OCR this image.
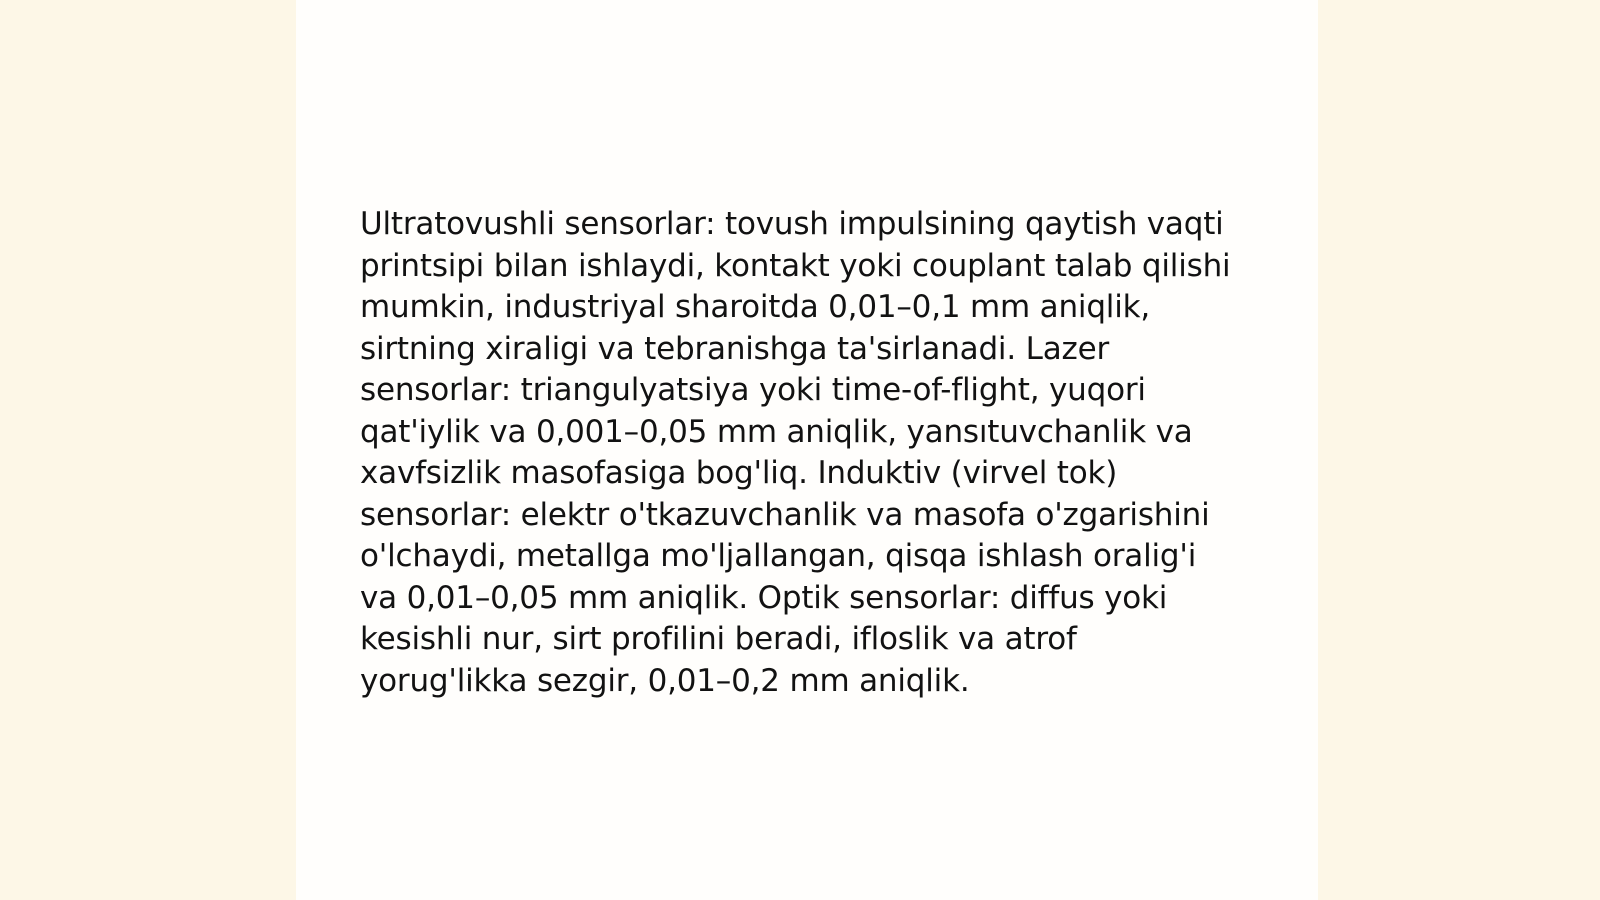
Ultratovushli sensorlar: tovush impulsining qaytish vaqti printsipi bilan ishlaydi, kontakt yoki couplant talab qilishi mumkin, industriyal sharoitda 0,01–0,1 mm aniqlik, sirtning xiraligi va tebranishga ta'sirlanadi. Lazer sensorlar: triangulyatsiya yoki time-of-flight, yuqori qat'iylik va 0,001–0,05 mm aniqlik, yansıtuvchanlik va xavfsizlik masofasiga bog'liq. Induktiv (virvel tok) sensorlar: elektr o'tkazuvchanlik va masofa o'zgarishini o'lchaydi, metallga mo'ljallangan, qisqa ishlash oralig'i va 0,01–0,05 mm aniqlik. Optik sensorlar: diffus yoki kesishli nur, sirt profilini beradi, ifloslik va atrof yorug'likka sezgir, 0,01–0,2 mm aniqlik.
